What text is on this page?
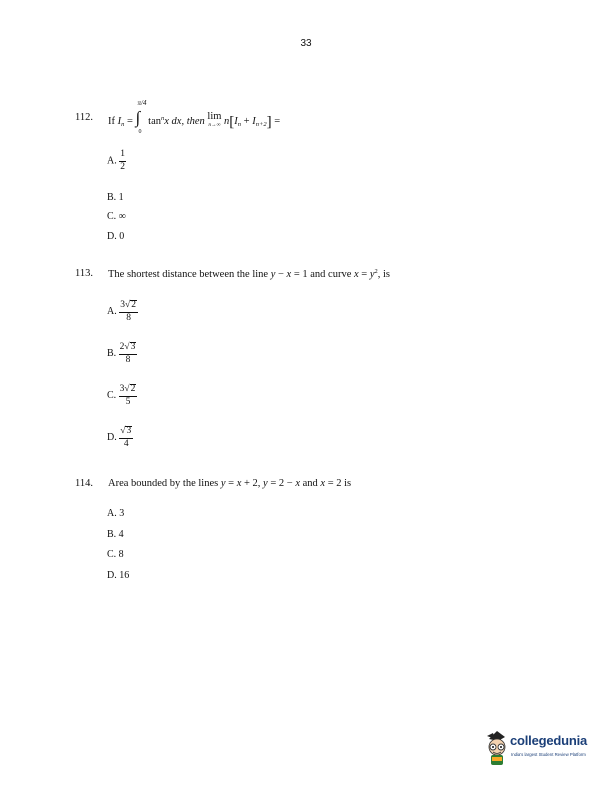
33
112. If $I_n$ =
π/4
∫
0
$\tan^nx$ dx, then lim
n→∞ $n[I_n + I_{n+2}]$ =
A. $\frac{1}{2}$
B. 1
C. ∞
D. 0
113. The shortest distance between the line y − x = 1 and curve $x = y^2$, is
A. $\frac{3√2}{8}$
B. $\frac{2√3}{8}$
C. $\frac{3√2}{5}$
D. $\frac{√3}{4}$
114. Area bounded by the lines y = x + 2, y = 2 − x and x = 2 is
A. 3
B. 4
C. 8
D. 16
collegedunia
India's largest Student Review Platform
